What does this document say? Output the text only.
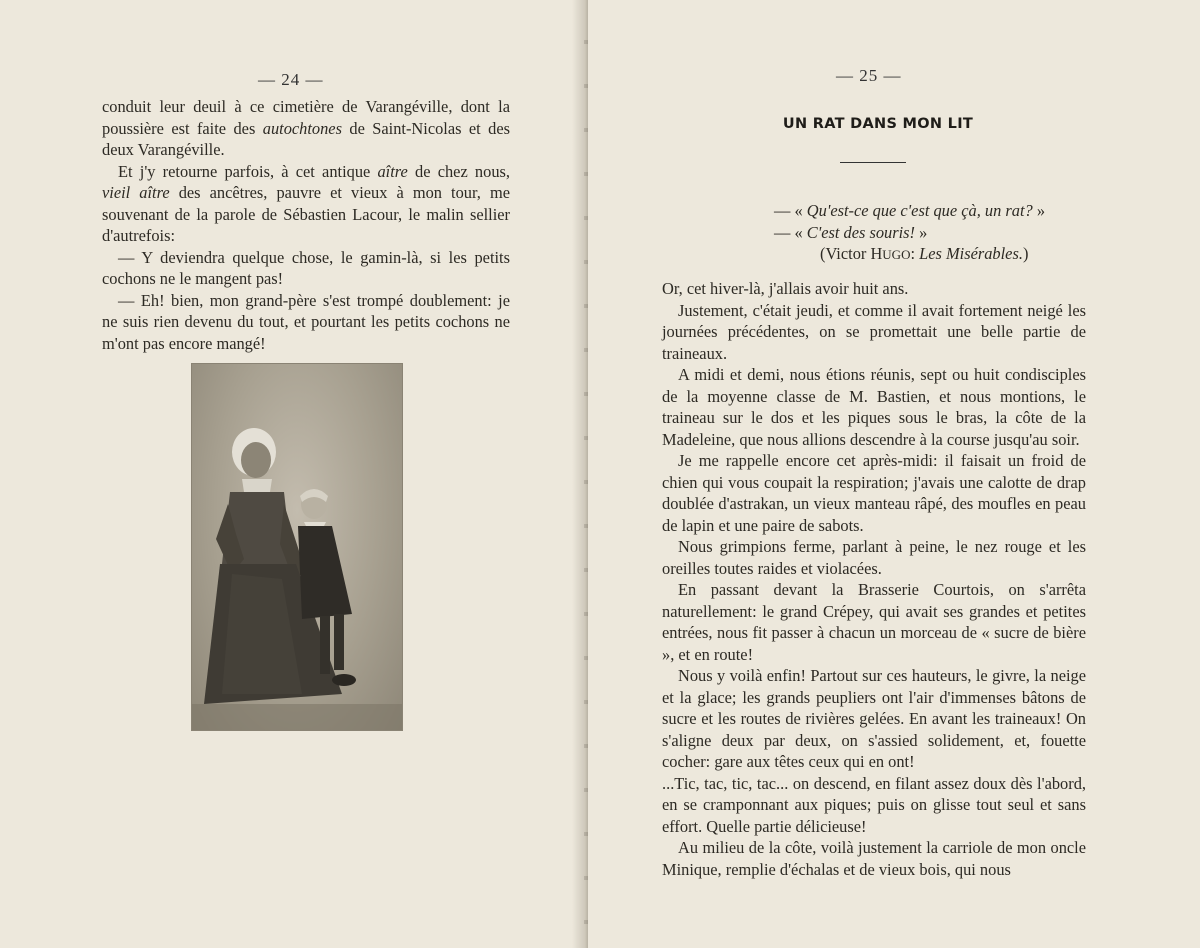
— 24 —

conduit leur deuil à ce cimetière de Varangéville, dont la poussière est faite des autochtones de Saint-Nicolas et des deux Varangéville.

Et j'y retourne parfois, à cet antique aître de chez nous, vieil aître des ancêtres, pauvre et vieux à mon tour, me souvenant de la parole de Sébastien Lacour, le malin sellier d'autrefois:

— Y deviendra quelque chose, le gamin-là, si les petits cochons ne le mangent pas!

— Eh! bien, mon grand-père s'est trompé doublement: je ne suis rien devenu du tout, et pourtant les petits cochons ne m'ont pas encore mangé!

— 25 —
UN RAT DANS MON LIT
— « Qu'est-ce que c'est que çà, un rat? »
— « C'est des souris! »
(Victor HUGO: Les Misérables.)

Or, cet hiver-là, j'allais avoir huit ans.

Justement, c'était jeudi, et comme il avait fortement neigé les journées précédentes, on se promettait une belle partie de traineaux.

A midi et demi, nous étions réunis, sept ou huit condisciples de la moyenne classe de M. Bastien, et nous montions, le traineau sur le dos et les piques sous le bras, la côte de la Madeleine, que nous allions descendre à la course jusqu'au soir.

Je me rappelle encore cet après-midi: il faisait un froid de chien qui vous coupait la respiration; j'avais une calotte de drap doublée d'astrakan, un vieux manteau râpé, des moufles en peau de lapin et une paire de sabots.

Nous grimpions ferme, parlant à peine, le nez rouge et les oreilles toutes raides et violacées.

En passant devant la Brasserie Courtois, on s'arrêta naturellement: le grand Crépey, qui avait ses grandes et petites entrées, nous fit passer à chacun un morceau de « sucre de bière », et en route!

Nous y voilà enfin! Partout sur ces hauteurs, le givre, la neige et la glace; les grands peupliers ont l'air d'immenses bâtons de sucre et les routes de rivières gelées. En avant les traineaux! On s'aligne deux par deux, on s'assied solidement, et, fouette cocher: gare aux têtes ceux qui en ont!

...Tic, tac, tic, tac... on descend, en filant assez doux dès l'abord, en se cramponnant aux piques; puis on glisse tout seul et sans effort. Quelle partie délicieuse!

Au milieu de la côte, voilà justement la carriole de mon oncle Minique, remplie d'échalas et de vieux bois, qui nous
